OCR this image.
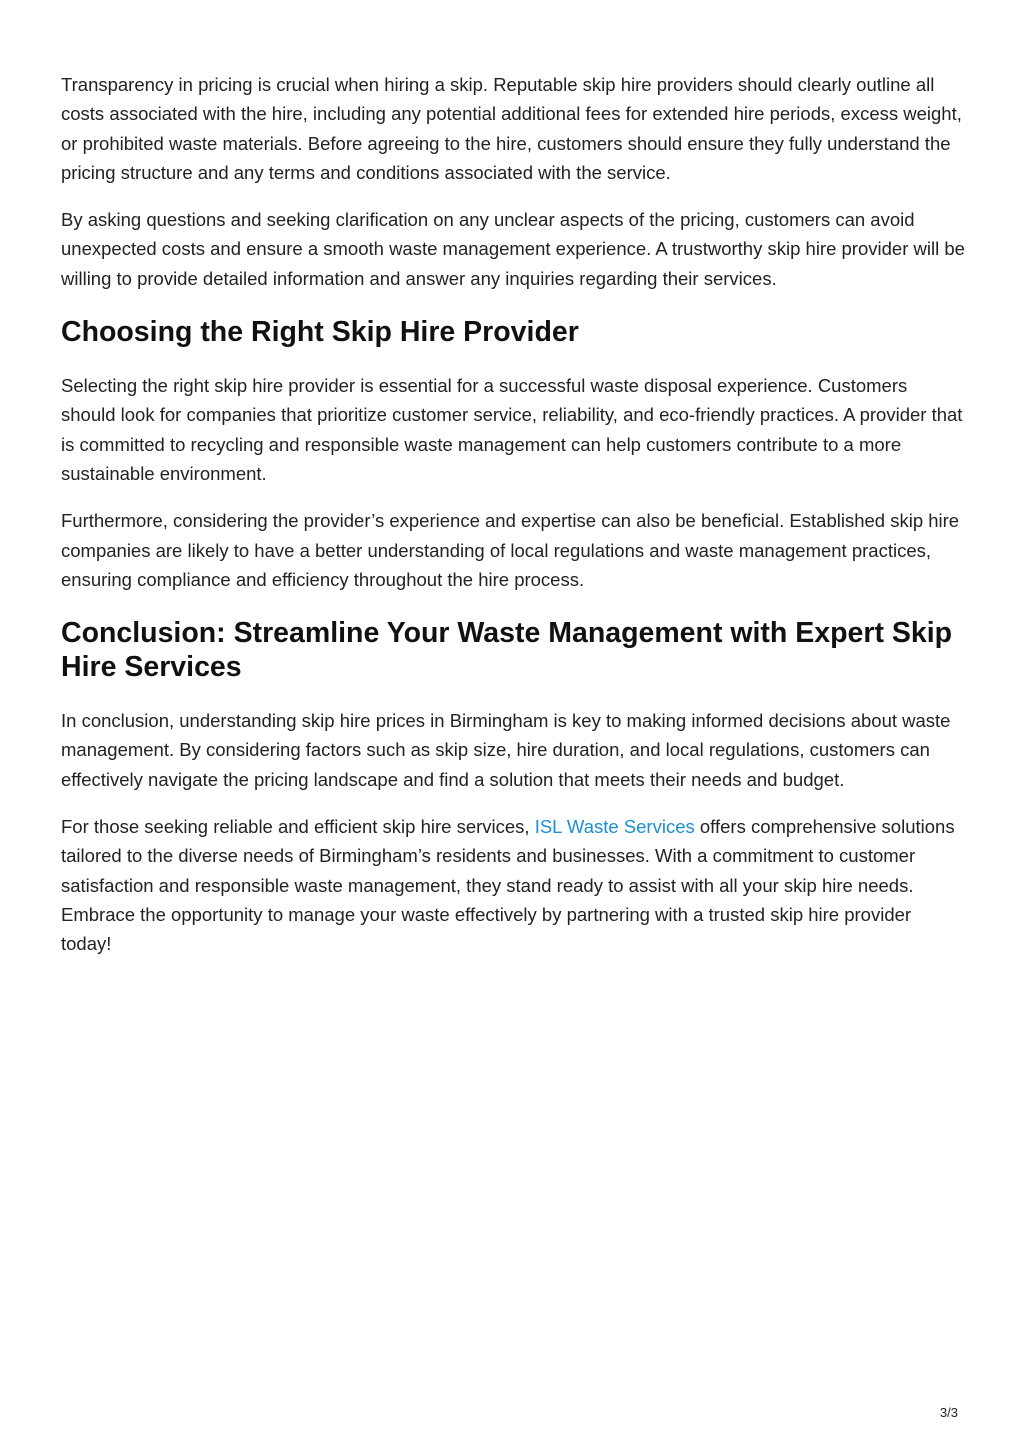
Transparency in pricing is crucial when hiring a skip. Reputable skip hire providers should clearly outline all costs associated with the hire, including any potential additional fees for extended hire periods, excess weight, or prohibited waste materials. Before agreeing to the hire, customers should ensure they fully understand the pricing structure and any terms and conditions associated with the service.

By asking questions and seeking clarification on any unclear aspects of the pricing, customers can avoid unexpected costs and ensure a smooth waste management experience. A trustworthy skip hire provider will be willing to provide detailed information and answer any inquiries regarding their services.

Choosing the Right Skip Hire Provider

Selecting the right skip hire provider is essential for a successful waste disposal experience. Customers should look for companies that prioritize customer service, reliability, and eco-friendly practices. A provider that is committed to recycling and responsible waste management can help customers contribute to a more sustainable environment.

Furthermore, considering the provider’s experience and expertise can also be beneficial. Established skip hire companies are likely to have a better understanding of local regulations and waste management practices, ensuring compliance and efficiency throughout the hire process.

Conclusion: Streamline Your Waste Management with Expert Skip Hire Services

In conclusion, understanding skip hire prices in Birmingham is key to making informed decisions about waste management. By considering factors such as skip size, hire duration, and local regulations, customers can effectively navigate the pricing landscape and find a solution that meets their needs and budget.

For those seeking reliable and efficient skip hire services, ISL Waste Services offers comprehensive solutions tailored to the diverse needs of Birmingham’s residents and businesses. With a commitment to customer satisfaction and responsible waste management, they stand ready to assist with all your skip hire needs. Embrace the opportunity to manage your waste effectively by partnering with a trusted skip hire provider today!

3/3
